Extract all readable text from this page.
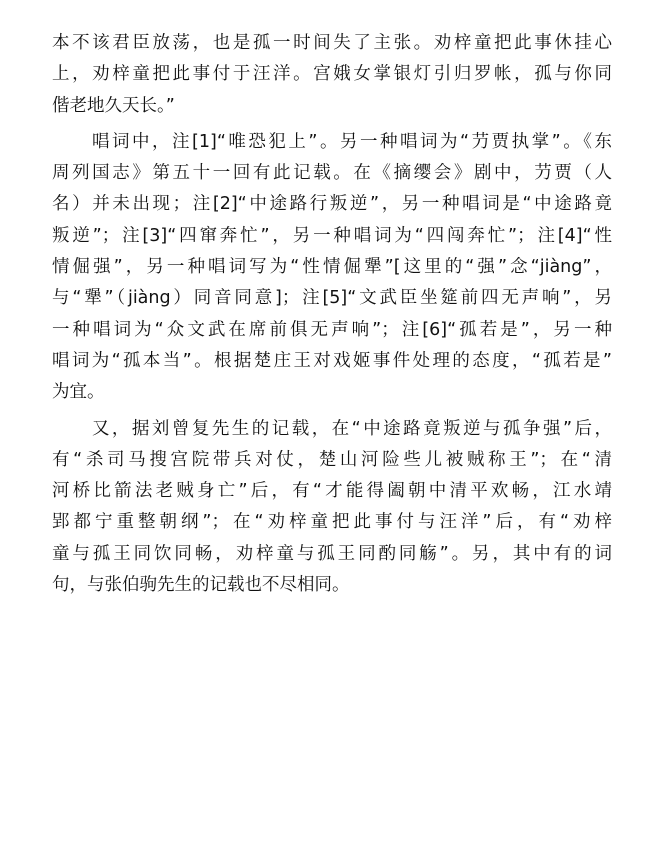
本不该君臣放荡，也是孤一时间失了主张。劝梓童把此事休挂心
上，劝梓童把此事付于汪洋。宫娥女掌银灯引归罗帐，孤与你同
偕老地久天长。”
　　唱词中，注[1]“唯恐犯上”。另一种唱词为“芀贾执掌”。《东
周列国志》第五十一回有此记载。在《摘缨会》剧中，芀贾（人
名）并未出现；注[2]“中途路行叛逆”，另一种唱词是“中途路竟
叛逆”；注[3]“四窜奔忙”，另一种唱词为“四闯奔忙”；注[4]“性
情倔强”，另一种唱词写为“性情倔犟”[这里的“强”念“jiàng”，
与“犟”（jiàng）同音同意]；注[5]“文武臣坐筵前四无声响”，另
一种唱词为“众文武在席前俱无声响”；注[6]“孤若是”，另一种
唱词为“孤本当”。根据楚庄王对戏姬事件处理的态度，“孤若是”
为宜。
　　又，据刘曾复先生的记载，在“中途路竟叛逆与孤争强”后，
有“杀司马搜宫院带兵对仗，楚山河险些儿被贼称王”；在“清
河桥比箭法老贼身亡”后，有“才能得阖朝中清平欢畅，江水靖
郢都宁重整朝纲”；在“劝梓童把此事付与汪洋”后，有“劝梓
童与孤王同饮同畅，劝梓童与孤王同酌同觞”。另，其中有的词
句，与张伯驹先生的记载也不尽相同。
